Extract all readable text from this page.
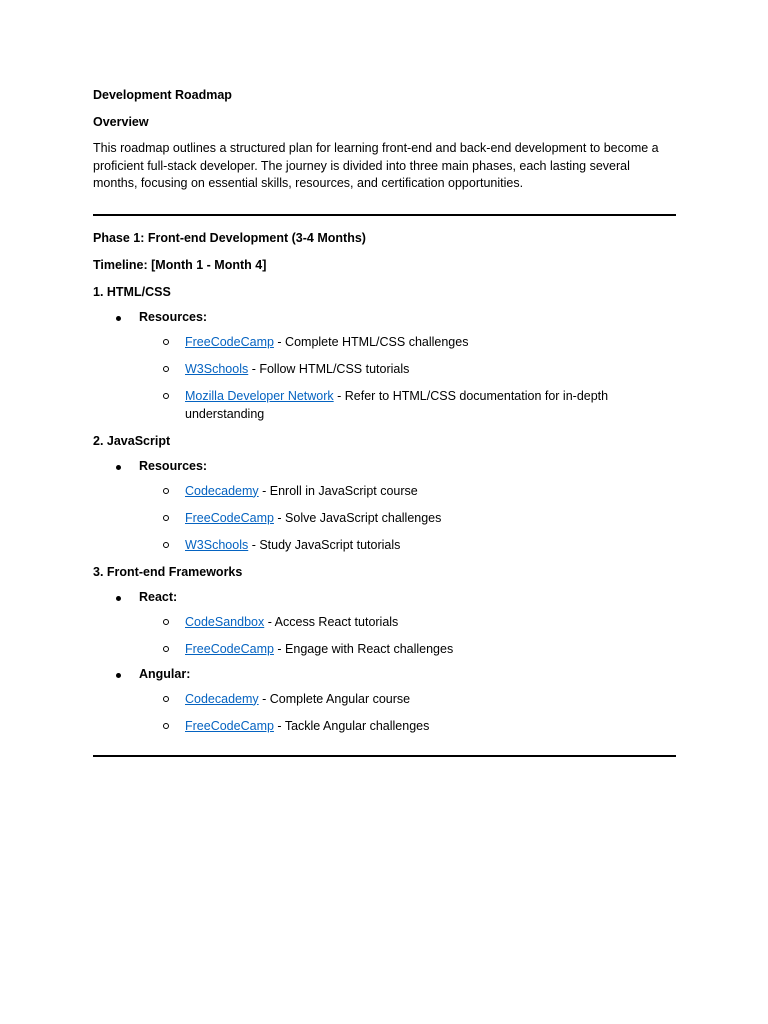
Development Roadmap

Overview

This roadmap outlines a structured plan for learning front-end and back-end development to become a proficient full-stack developer. The journey is divided into three main phases, each lasting several months, focusing on essential skills, resources, and certification opportunities.

Phase 1: Front-end Development (3-4 Months)

Timeline: [Month 1 - Month 4]

1. HTML/CSS

Resources:
FreeCodeCamp - Complete HTML/CSS challenges
W3Schools - Follow HTML/CSS tutorials
Mozilla Developer Network - Refer to HTML/CSS documentation for in-depth understanding

2. JavaScript

Resources:
Codecademy - Enroll in JavaScript course
FreeCodeCamp - Solve JavaScript challenges
W3Schools - Study JavaScript tutorials

3. Front-end Frameworks

React:
CodeSandbox - Access React tutorials
FreeCodeCamp - Engage with React challenges
Angular:
Codecademy - Complete Angular course
FreeCodeCamp - Tackle Angular challenges
